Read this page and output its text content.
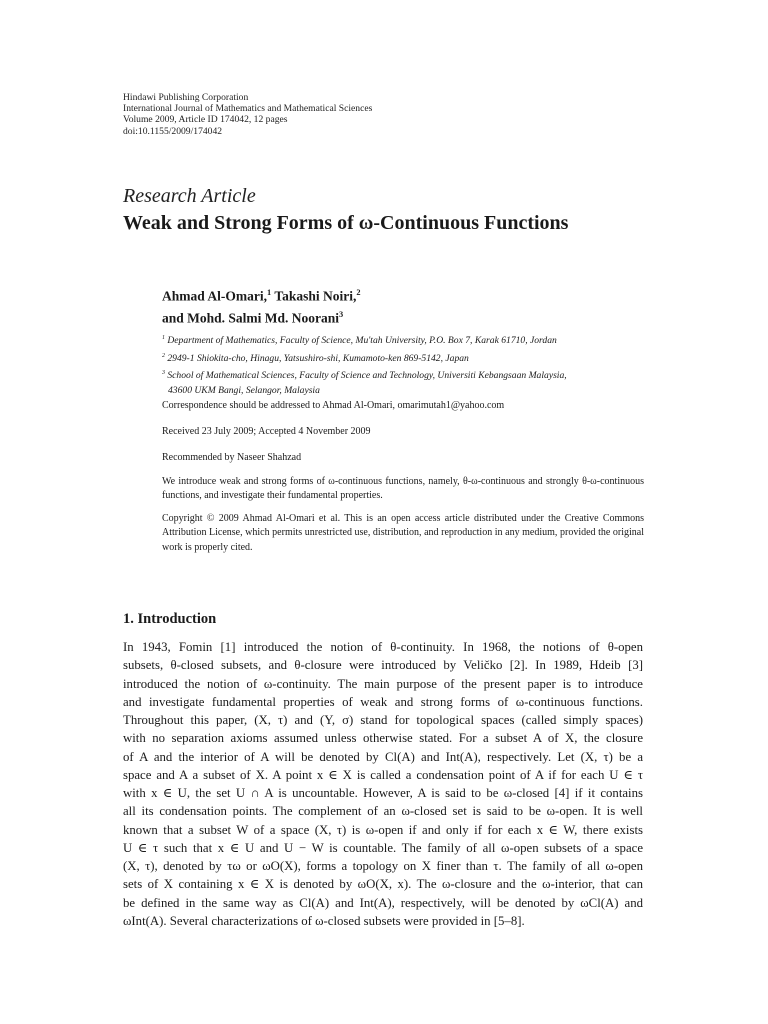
Hindawi Publishing Corporation
International Journal of Mathematics and Mathematical Sciences
Volume 2009, Article ID 174042, 12 pages
doi:10.1155/2009/174042
Research Article
Weak and Strong Forms of ω-Continuous Functions
Ahmad Al-Omari,$^1$ Takashi Noiri,$^2$
and Mohd. Salmi Md. Noorani$^3$
$^1$ Department of Mathematics, Faculty of Science, Mu'tah University, P.O. Box 7, Karak 61710, Jordan
$^2$ 2949-1 Shiokita-cho, Hinagu, Yatsushiro-shi, Kumamoto-ken 869-5142, Japan
$^3$ School of Mathematical Sciences, Faculty of Science and Technology, Universiti Kebangsaan Malaysia,
43600 UKM Bangi, Selangor, Malaysia
Correspondence should be addressed to Ahmad Al-Omari, omarimutah1@yahoo.com
Received 23 July 2009; Accepted 4 November 2009
Recommended by Naseer Shahzad
We introduce weak and strong forms of ω-continuous functions, namely, θ-ω-continuous and strongly θ-ω-continuous functions, and investigate their fundamental properties.
Copyright © 2009 Ahmad Al-Omari et al. This is an open access article distributed under the Creative Commons Attribution License, which permits unrestricted use, distribution, and reproduction in any medium, provided the original work is properly cited.
1. Introduction
In 1943, Fomin [1] introduced the notion of θ-continuity. In 1968, the notions of θ-open
subsets, θ-closed subsets, and θ-closure were introduced by Veličko [2]. In 1989, Hdeib [3]
introduced the notion of ω-continuity. The main purpose of the present paper is to introduce
and investigate fundamental properties of weak and strong forms of ω-continuous functions.
Throughout this paper, (X, τ) and (Y, σ) stand for topological spaces (called simply spaces)
with no separation axioms assumed unless otherwise stated. For a subset A of X, the closure
of A and the interior of A will be denoted by Cl(A) and Int(A), respectively. Let (X, τ) be a
space and A a subset of X. A point x ∈ X is called a condensation point of A if for each U ∈ τ
with x ∈ U, the set U ∩ A is uncountable. However, A is said to be ω-closed [4] if it contains
all its condensation points. The complement of an ω-closed set is said to be ω-open. It is well
known that a subset W of a space (X, τ) is ω-open if and only if for each x ∈ W, there exists
U ∈ τ such that x ∈ U and U − W is countable. The family of all ω-open subsets of a space
(X, τ), denoted by τω or ωO(X), forms a topology on X finer than τ. The family of all ω-open
sets of X containing x ∈ X is denoted by ωO(X, x). The ω-closure and the ω-interior, that can
be defined in the same way as Cl(A) and Int(A), respectively, will be denoted by ωCl(A) and
ωInt(A). Several characterizations of ω-closed subsets were provided in [5–8].
